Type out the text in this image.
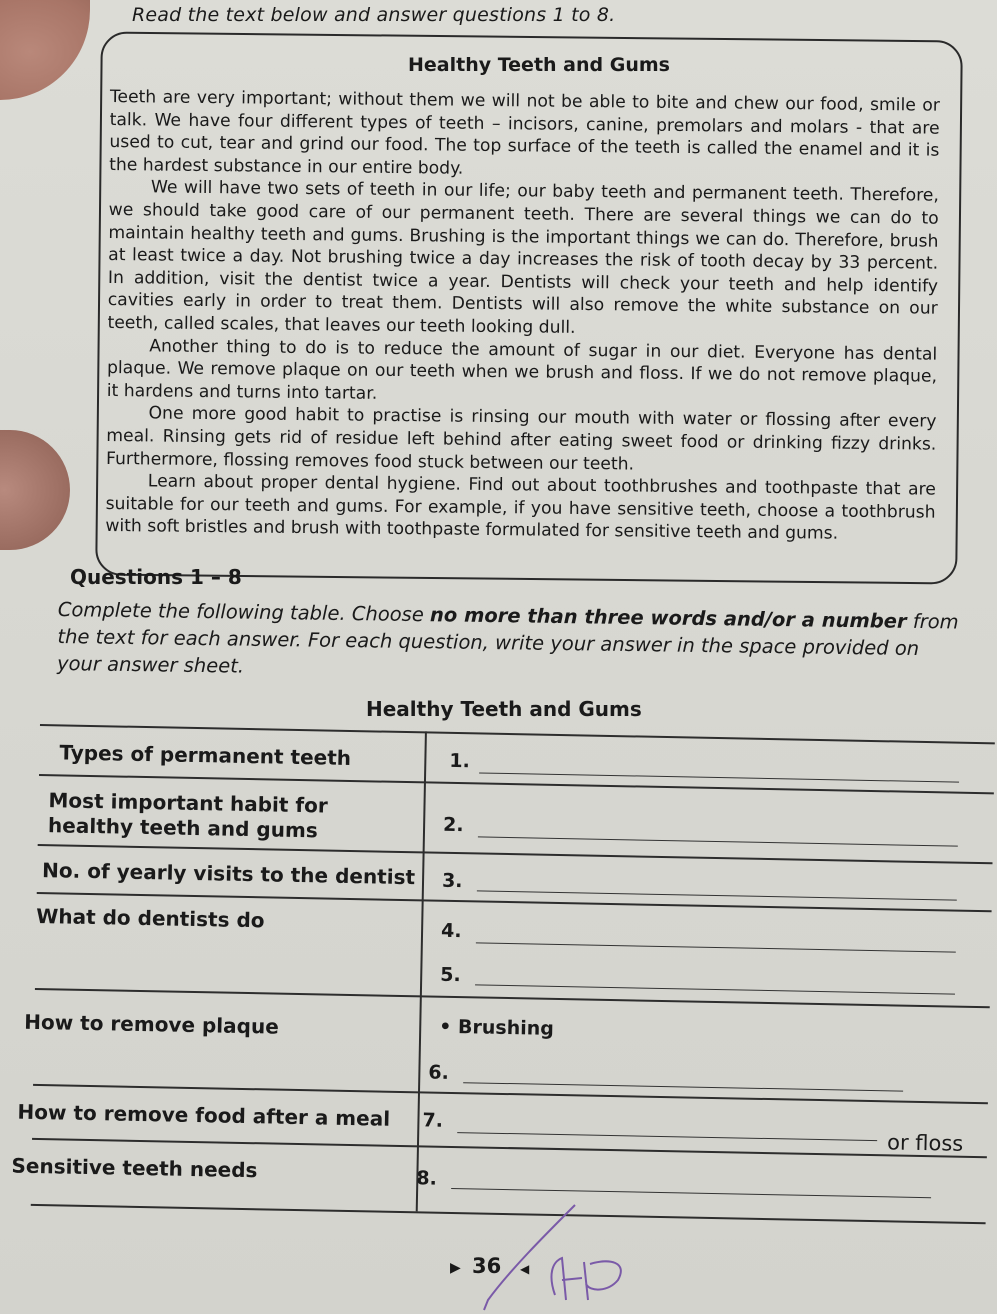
Read the text below and answer questions 1 to 8.
Healthy Teeth and Gums

Teeth are very important; without them we will not be able to bite and chew our food, smile or talk. We have four different types of teeth – incisors, canine, premolars and molars - that are used to cut, tear and grind our food. The top surface of the teeth is called the enamel and it is the hardest substance in our entire body.

We will have two sets of teeth in our life; our baby teeth and permanent teeth. Therefore, we should take good care of our permanent teeth. There are several things we can do to maintain healthy teeth and gums. Brushing is the important things we can do. Therefore, brush at least twice a day. Not brushing twice a day increases the risk of tooth decay by 33 percent. In addition, visit the dentist twice a year. Dentists will check your teeth and help identify cavities early in order to treat them. Dentists will also remove the white substance on our teeth, called scales, that leaves our teeth looking dull.

Another thing to do is to reduce the amount of sugar in our diet. Everyone has dental plaque. We remove plaque on our teeth when we brush and floss. If we do not remove plaque, it hardens and turns into tartar.

One more good habit to practise is rinsing our mouth with water or flossing after every meal. Rinsing gets rid of residue left behind after eating sweet food or drinking fizzy drinks. Furthermore, flossing removes food stuck between our teeth.

Learn about proper dental hygiene. Find out about toothbrushes and toothpaste that are suitable for our teeth and gums. For example, if you have sensitive teeth, choose a toothbrush with soft bristles and brush with toothpaste formulated for sensitive teeth and gums.

Questions 1 – 8
Complete the following table. Choose no more than three words and/or a number from the text for each answer. For each question, write your answer in the space provided on your answer sheet.
Healthy Teeth and Gums
Types of permanent teeth	1.
Most important habit for healthy teeth and gums	2.
No. of yearly visits to the dentist 3.
What do dentists do	4.
5.
How to remove plaque	• Brushing
6.
How to remove food after a meal 7.
or floss
Sensitive teeth needs	8.
▶ 36 ◀
